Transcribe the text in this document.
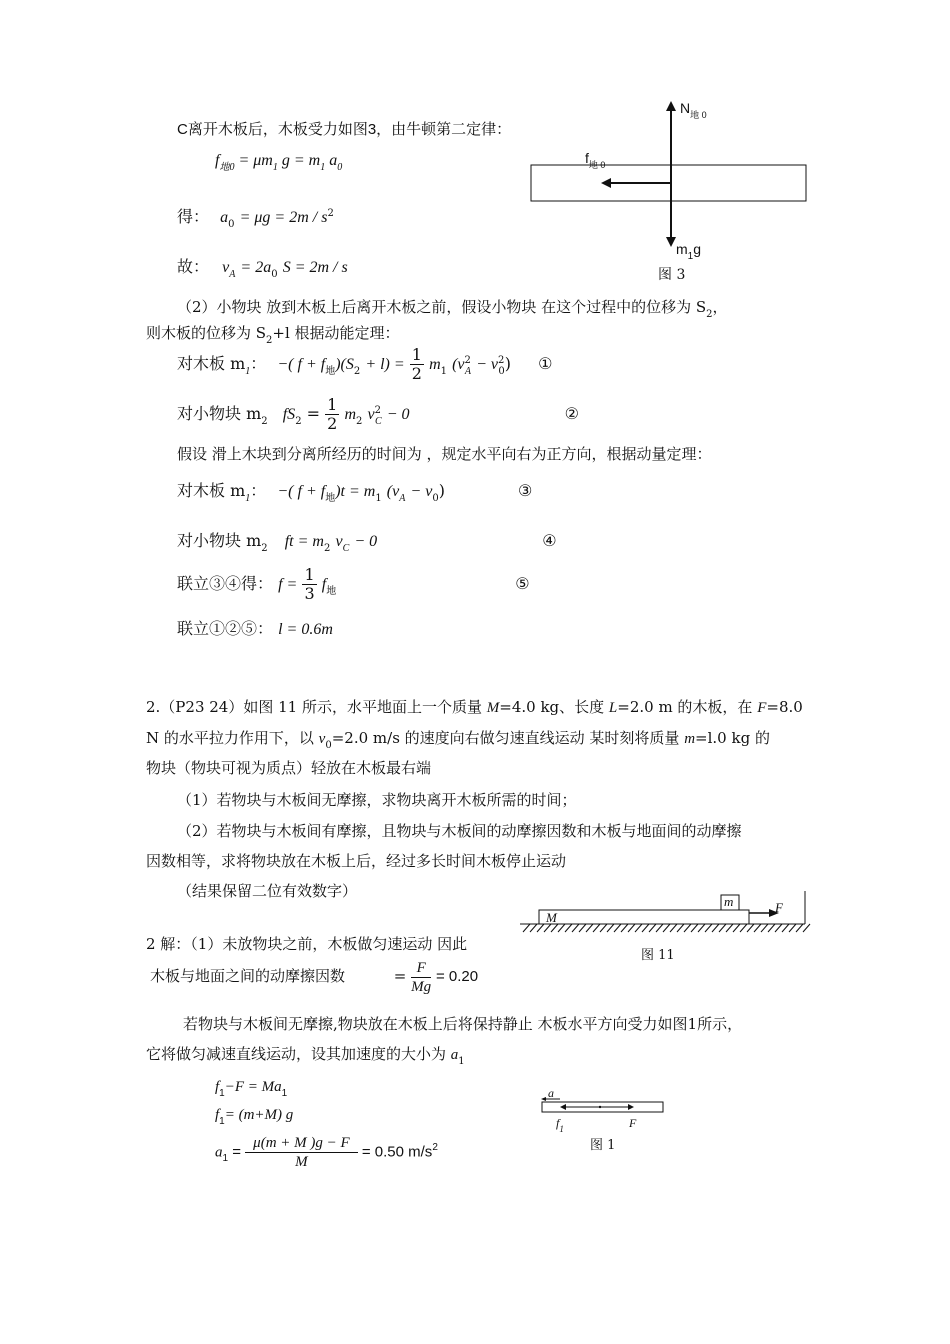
C离开木板后，木板受力如图3，由牛顿第二定律：
$f_{地0} = \mu m_1$ $g = m_1$ $a_0$
得： $a_0 = \mu g = 2m / s^2$
故： $v_A = 2a_0$ S = 2m / s
（2）小物块 放到木板上后离开木板之前，假设小物块 在这个过程中的位移为 $S_2$，
则木板的位移为 $S_2+l$ 根据动能定理：
对木板 $m_1$： −( $f + f_地)(S_2 + l) = \frac{1}{2} m_1$ $(v^2_A - v^2_0)$ ①
对小物块 $m_2$ $fS_2 = \frac{1}{2} m_2$ $v^2_C - 0$	②
假设 滑上木块到分离所经历的时间为 ，规定水平向右为正方向，根据动量定理：
对木板 $m_1$： −( $f + f_地)t = m_1$ $(v_A - v_0)$	③
对小物块 $m_2$ ft = $m_2$ $v_C - 0$	④
联立③④得： $f = \frac{1}{3} f_地$	⑤
联立①②⑤： l = 0.6m
$N_{地 0}$
$f_{地 0}$
$m_1g$
图 3
2.（P23 24）如图 11 所示，水平地面上一个质量 M=4.0 kg、长度 L=2.0 m 的木板，在 F=8.0
N 的水平拉力作用下，以 $v_0=2.0$ m/s 的速度向右做匀速直线运动 某时刻将质量 m=l.0 kg 的
物块（物块可视为质点）轻放在木板最右端
（1）若物块与木板间无摩擦，求物块离开木板所需的时间；
（2）若物块与木板间有摩擦，且物块与木板间的动摩擦因数和木板与地面间的动摩擦
因数相等，求将物块放在木板上后，经过多长时间木板停止运动
（结果保留二位有效数字）
m
M
F
图 11
2 解：（1）未放物块之前，木板做匀速运动 因此
木板与地面之间的动摩擦因数	= $\frac{F}{Mg} = 0.20$
若物块与木板间无摩擦,物块放在木板上后将保持静止 木板水平方向受力如图1所示，
它将做匀减速直线运动，设其加速度的大小为 $a_1$
$f_1-F = Ma_1$
$f_1= (m+M)$ g
$a_1 = \frac{\mu(m + M )g - F}{M} = 0.50$ $m/s^2$
a
$f_1$	F
图 1
